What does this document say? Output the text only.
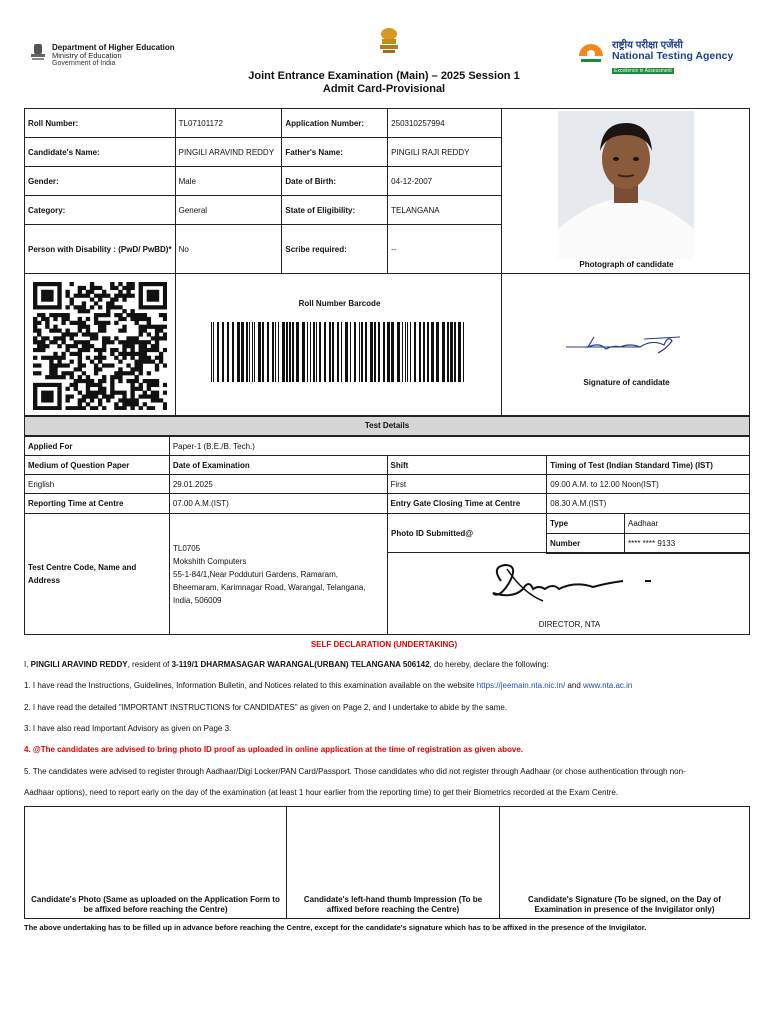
Department of Higher Education
Ministry of Education
Government of India
राष्ट्रीय परीक्षा एजेंसी
National Testing Agency
Excellence in Assessment
Joint Entrance Examination (Main) – 2025 Session 1
Admit Card-Provisional
Roll Number:	TL07101172	Application Number:	250310257994
Candidate's Name:	PINGILI ARAVIND REDDY	Father's Name:	PINGILI RAJI REDDY
Gender:	Male	Date of Birth:	04-12-2007
Category:	General	State of Eligibility:	TELANGANA
Person with Disability : (PwD/ PwBD)*	No	Scribe required:	--
Photograph of candidate
Roll Number Barcode
Signature of candidate
Test Details
Applied For	Paper-1 (B.E./B. Tech.)		
Medium of Question Paper	Date of Examination	Shift	Timing of Test (Indian Standard Time) (IST)
English	29.01.2025	First	09.00 A.M. to 12.00 Noon(IST)
Reporting Time at Centre	07.00 A.M.(IST)	Entry Gate Closing Time at Centre	08.30 A.M.(IST)
Test Centre Code, Name and Address
TL0705
Mokshith Computers
55-1-84/1,Near Podduturi Gardens, Ramaram,
Bheemaram, Karimnagar Road, Warangal, Telangana,
India, 506009
Photo ID Submitted@
Type	Aadhaar
Number	**** **** 9133
DIRECTOR, NTA
SELF DECLARATION (UNDERTAKING)
I, PINGILI ARAVIND REDDY, resident of 3-119/1 DHARMASAGAR WARANGAL(URBAN) TELANGANA 506142, do hereby, declare the following:
1. I have read the Instructions, Guidelines, Information Bulletin, and Notices related to this examination available on the website https://jeemain.nta.nic.in/ and www.nta.ac.in
2. I have read the detailed "IMPORTANT INSTRUCTIONS for CANDIDATES" as given on Page 2, and I undertake to abide by the same.
3. I have also read Important Advisory as given on Page 3.
4. @The candidates are advised to bring photo ID proof as uploaded in online application at the time of registration as given above.
5. The candidates were advised to register through Aadhaar/Digi Locker/PAN Card/Passport. Those candidates who did not register through Aadhaar (or chose authentication through non-
Aadhaar options), need to report early on the day of the examination (at least 1 hour earlier from the reporting time) to get their Biometrics recorded at the Exam Centre.
Candidate's Photo (Same as uploaded on the Application Form to be affixed before reaching the Centre)
Candidate's left-hand thumb Impression (To be affixed before reaching the Centre)
Candidate's Signature (To be signed, on the Day of Examination in presence of the Invigilator only)
The above undertaking has to be filled up in advance before reaching the Centre, except for the candidate's signature which has to be affixed in the presence of the Invigilator.
